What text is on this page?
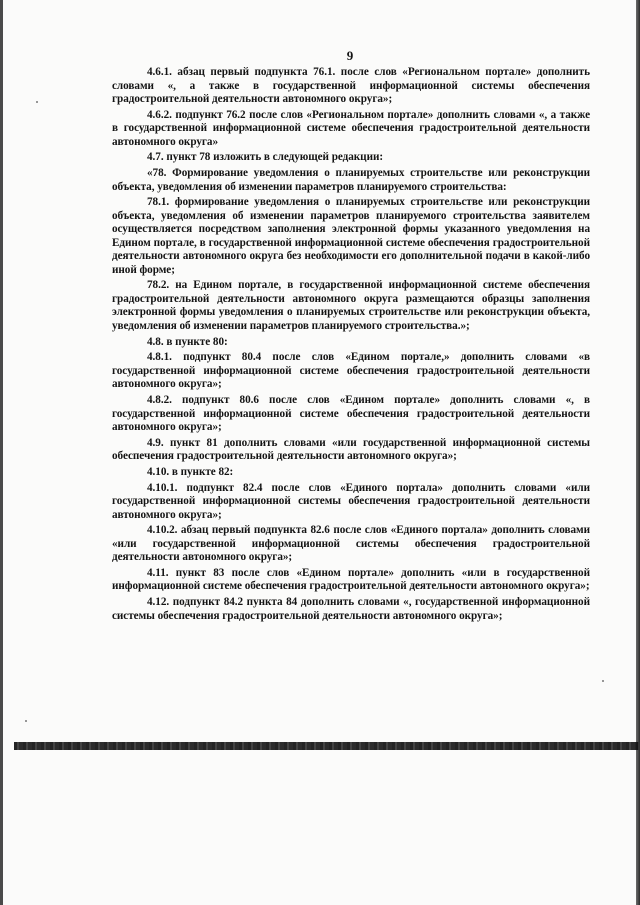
9

4.6.1. абзац первый подпункта 76.1. после слов «Региональном портале» дополнить словами «, а также в государственной информационной системы обеспечения градостроительной деятельности автономного округа»;

4.6.2. подпункт 76.2 после слов «Региональном портале» дополнить словами «, а также в государственной информационной системе обеспечения градостроительной деятельности автономного округа»

4.7. пункт 78 изложить в следующей редакции:

«78. Формирование уведомления о планируемых строительстве или реконструкции объекта, уведомления об изменении параметров планируемого строительства:

78.1. формирование уведомления о планируемых строительстве или реконструкции объекта, уведомления об изменении параметров планируемого строительства заявителем осуществляется посредством заполнения электронной формы указанного уведомления на Едином портале, в государственной информационной системе обеспечения градостроительной деятельности автономного округа без необходимости его дополнительной подачи в какой-либо иной форме;

78.2. на Едином портале, в государственной информационной системе обеспечения градостроительной деятельности автономного округа размещаются образцы заполнения электронной формы уведомления о планируемых строительстве или реконструкции объекта, уведомления об изменении параметров планируемого строительства.»;

4.8. в пункте 80:

4.8.1. подпункт 80.4 после слов «Едином портале,» дополнить словами «в государственной информационной системе обеспечения градостроительной деятельности автономного округа»;

4.8.2. подпункт 80.6 после слов «Едином портале» дополнить словами «, в государственной информационной системе обеспечения градостроительной деятельности автономного округа»;

4.9. пункт 81 дополнить словами «или государственной информационной системы обеспечения градостроительной деятельности автономного округа»;

4.10. в пункте 82:

4.10.1. подпункт 82.4 после слов «Единого портала» дополнить словами «или государственной информационной системы обеспечения градостроительной деятельности автономного округа»;

4.10.2. абзац первый подпункта 82.6 после слов «Единого портала» дополнить словами «или государственной информационной системы обеспечения градостроительной деятельности автономного округа»;

4.11. пункт 83 после слов «Едином портале» дополнить «или в государственной информационной системе обеспечения градостроительной деятельности автономного округа»;

4.12. подпункт 84.2 пункта 84 дополнить словами «, государственной информационной системы обеспечения градостроительной деятельности автономного округа»;
